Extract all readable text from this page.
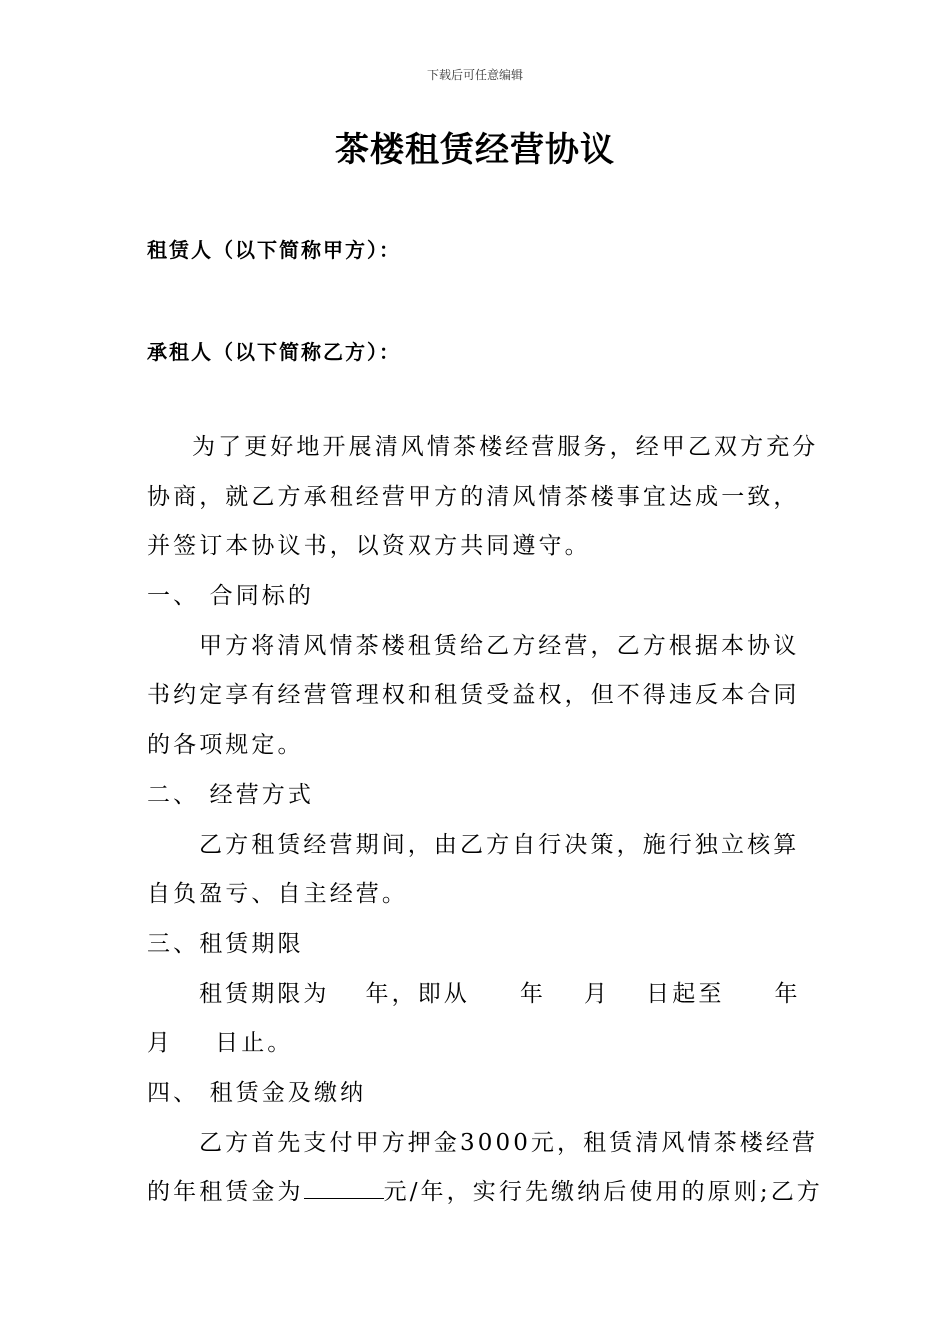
下载后可任意编辑
茶楼租赁经营协议
租赁人（以下简称甲方）：
承租人（以下简称乙方）：
为了更好地开展清风情茶楼经营服务，经甲乙双方充分
协商，就乙方承租经营甲方的清风情茶楼事宜达成一致，
并签订本协议书，以资双方共同遵守。
一、 合同标的
甲方将清风情茶楼租赁给乙方经营，乙方根据本协议
书约定享有经营管理权和租赁受益权，但不得违反本合同
的各项规定。
二、 经营方式
乙方租赁经营期间，由乙方自行决策，施行独立核算
自负盈亏、自主经营。
三、租赁期限
租赁期限为 年，即从 年 月 日起至 年
月 日止。
四、 租赁金及缴纳
乙方首先支付甲方押金3000元，租赁清风情茶楼经营
的年租赁金为	元/年，实行先缴纳后使用的原则;乙方
